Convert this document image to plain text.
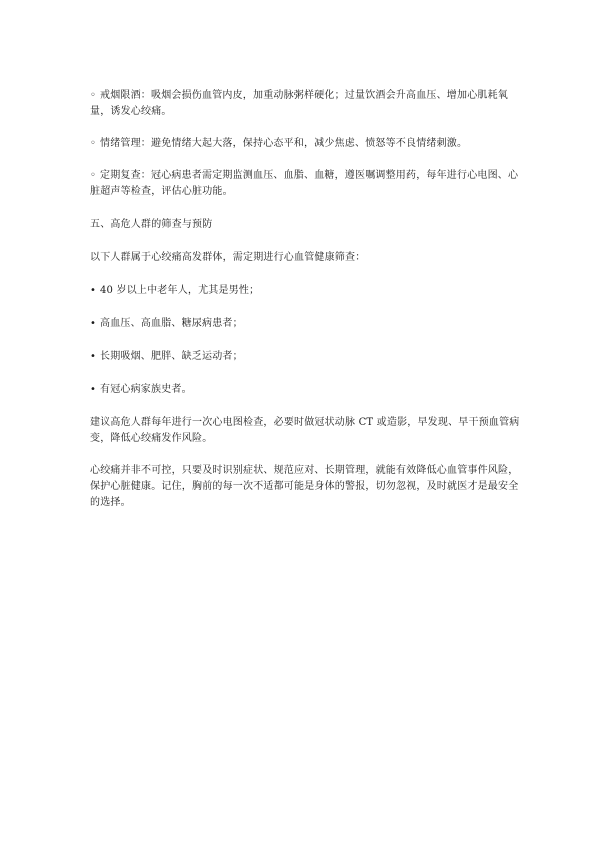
◦ 戒烟限酒：吸烟会损伤血管内皮，加重动脉粥样硬化；过量饮酒会升高血压、增加心肌耗氧量，诱发心绞痛。

◦ 情绪管理：避免情绪大起大落，保持心态平和，减少焦虑、愤怒等不良情绪刺激。

◦ 定期复查：冠心病患者需定期监测血压、血脂、血糖，遵医嘱调整用药，每年进行心电图、心脏超声等检查，评估心脏功能。

五、高危人群的筛查与预防

以下人群属于心绞痛高发群体，需定期进行心血管健康筛查：

• 40 岁以上中老年人，尤其是男性；

• 高血压、高血脂、糖尿病患者；

• 长期吸烟、肥胖、缺乏运动者；

• 有冠心病家族史者。

建议高危人群每年进行一次心电图检查，必要时做冠状动脉 CT 或造影，早发现、早干预血管病变，降低心绞痛发作风险。

心绞痛并非不可控，只要及时识别症状、规范应对、长期管理，就能有效降低心血管事件风险，保护心脏健康。记住，胸前的每一次不适都可能是身体的警报，切勿忽视，及时就医才是最安全的选择。
